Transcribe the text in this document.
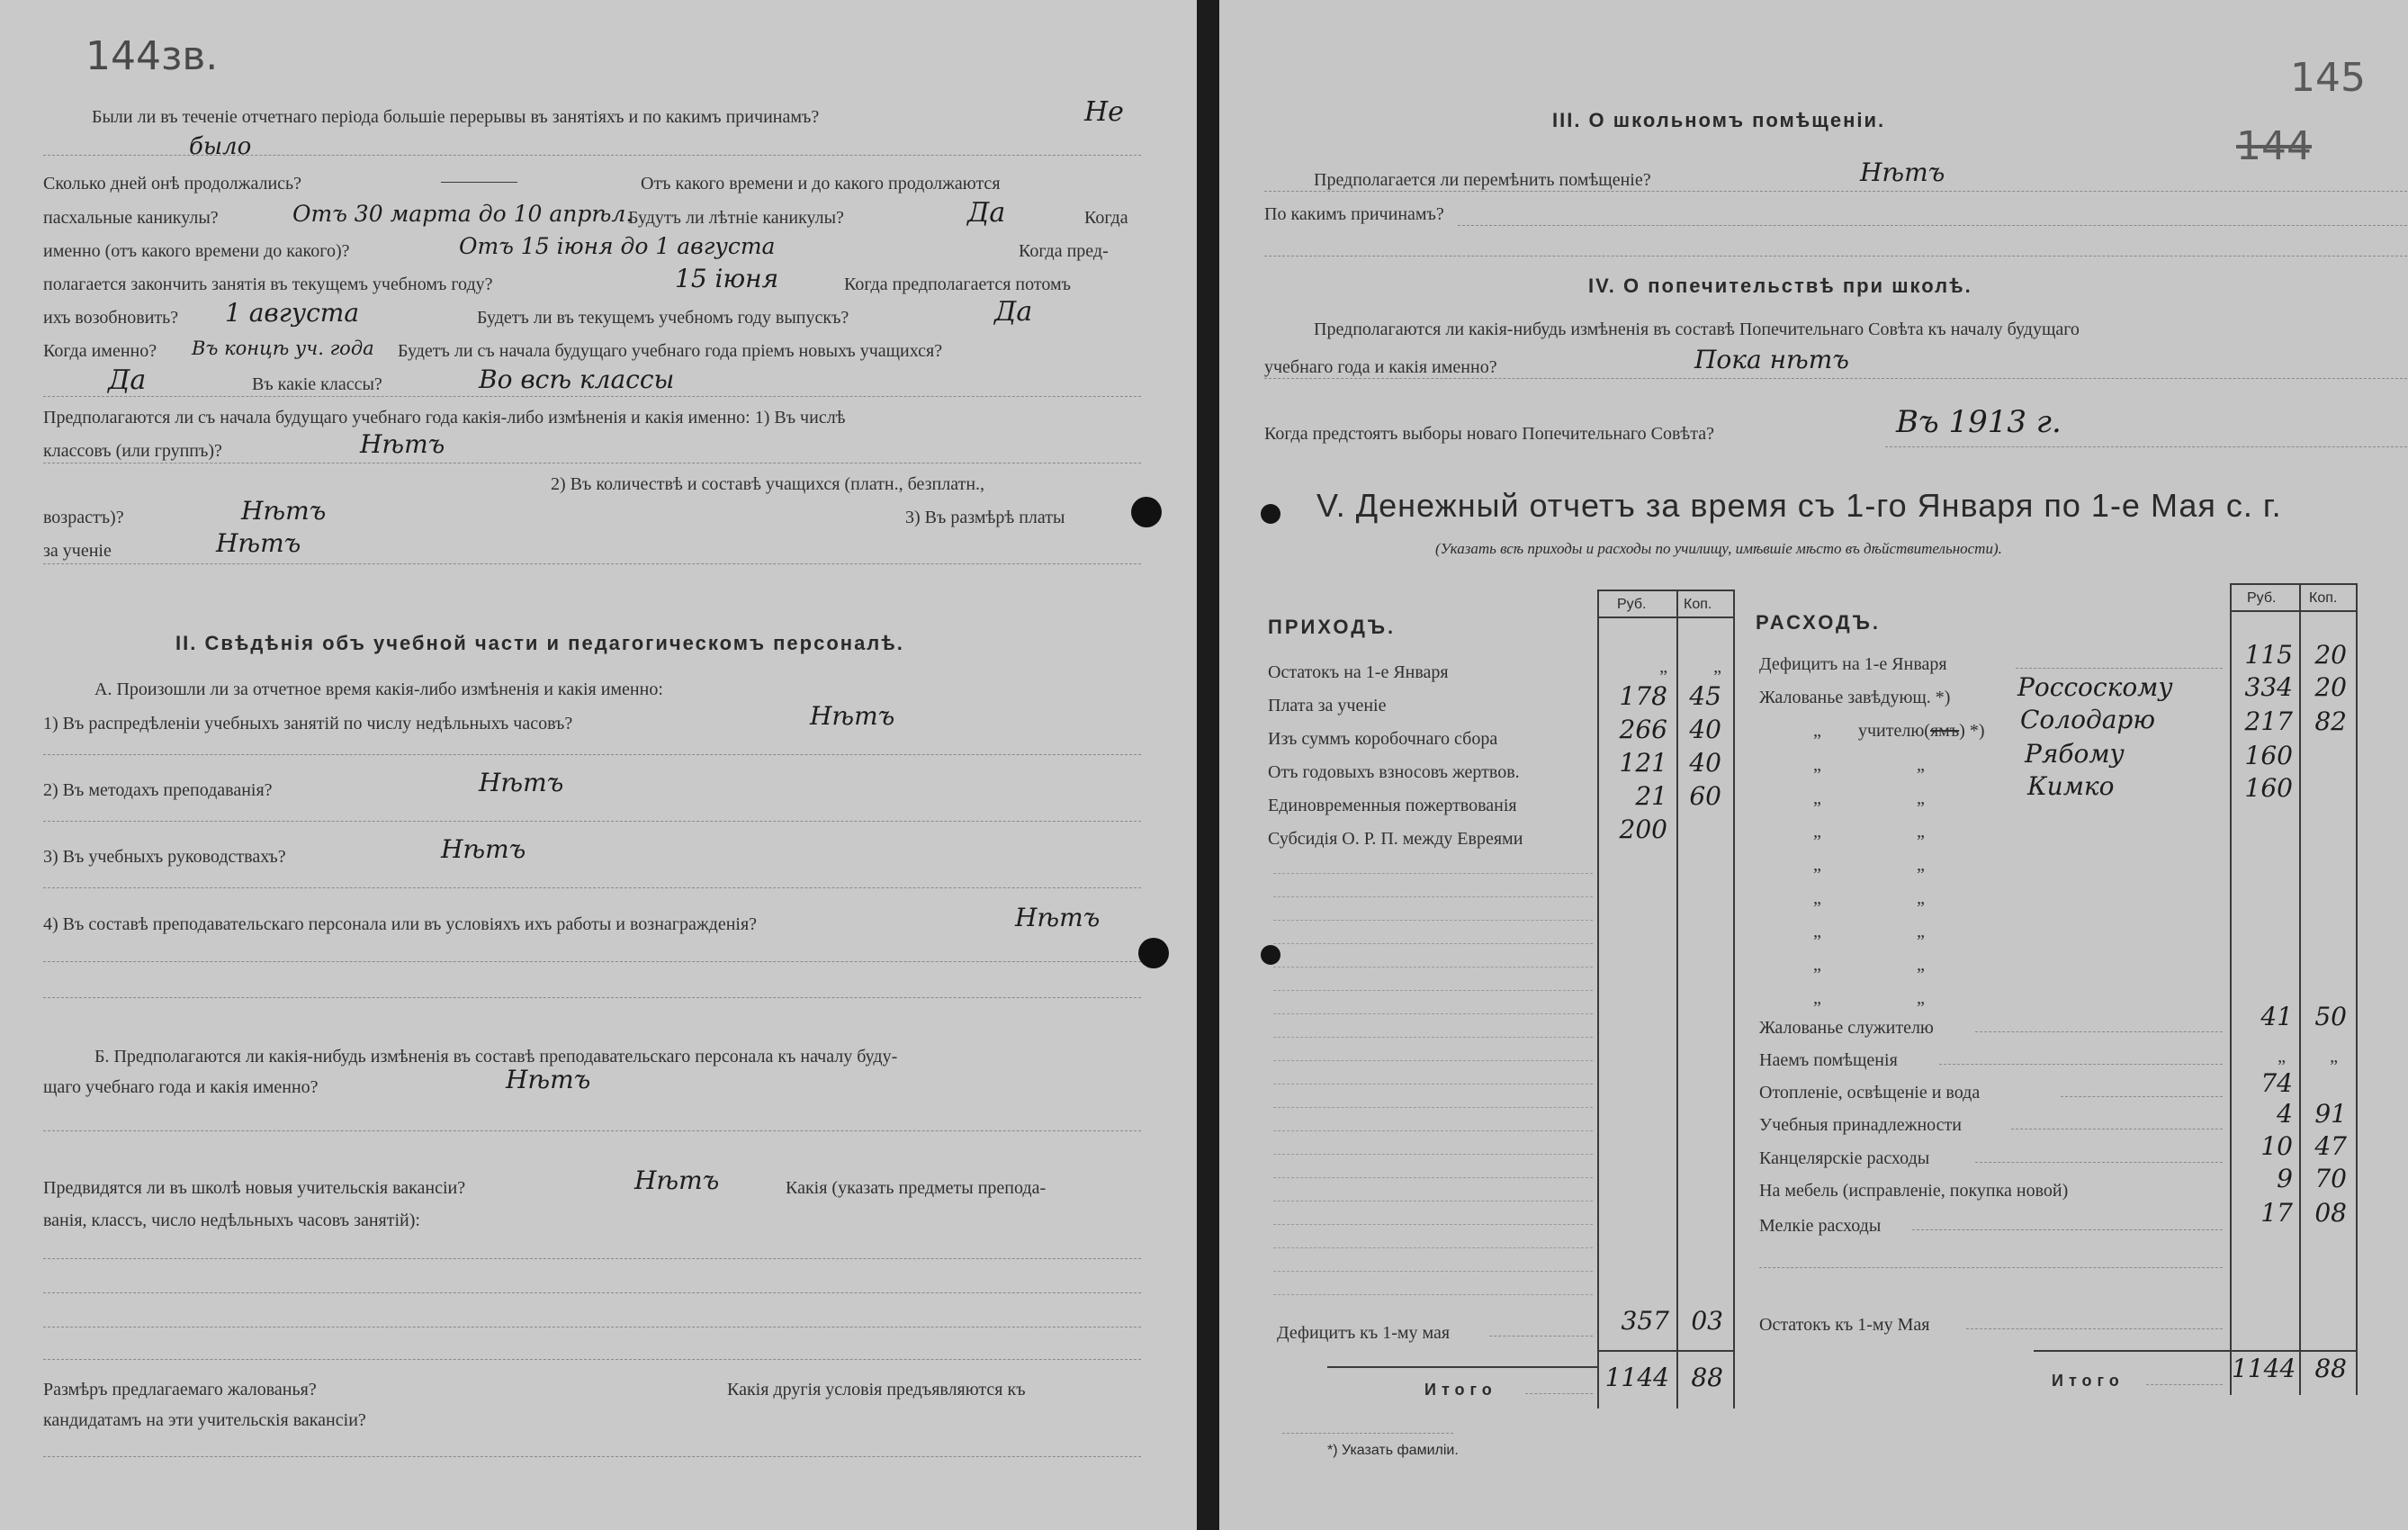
144зв.
Были ли въ теченіе отчетнаго періода большіе перерывы въ занятіяхъ и по какимъ причинамъ?	Не
было
Сколько дней онѣ продолжались?	Отъ какого времени и до какого продолжаются
пасхальные каникулы?	Отъ 30 марта до 10 апрѣл.
Будутъ ли лѣтніе каникулы?	Да	Когда
именно (отъ какого времени до какого)?	Отъ 15 іюня до 1 августа	Когда пред-
полагается закончить занятія въ текущемъ учебномъ году?	15 іюня	Когда предполагается потомъ
ихъ возобновить? 1 августа	Будетъ ли въ текущемъ учебномъ году выпускъ?	Да
Когда именно? Въ концѣ уч. года Будетъ ли съ начала будущаго учебнаго года пріемъ новыхъ учащихся?
Да	Въ какіе классы?	Во всѣ классы
Предполагаются ли съ начала будущаго учебнаго года какія-либо измѣненія и какія именно: 1) Въ числѣ
классовъ (или группъ)?	Нѣтъ
2) Въ количествѣ и составѣ учащихся (платн., безплатн.,
возрастъ)?	Нѣтъ	3) Въ размѣрѣ платы
за ученіе	Нѣтъ
II. Свѣдѣнія объ учебной части и педагогическомъ персоналѣ.
А. Произошли ли за отчетное время какія-либо измѣненія и какія именно:
1) Въ распредѣленіи учебныхъ занятій по числу недѣльныхъ часовъ?	Нѣтъ
2) Въ методахъ преподаванія?	Нѣтъ
3) Въ учебныхъ руководствахъ?	Нѣтъ
4) Въ составѣ преподавательскаго персонала или въ условіяхъ ихъ работы и вознагражденія?	Нѣтъ
Б. Предполагаются ли какія-нибудь измѣненія въ составѣ преподавательскаго персонала къ началу буду-
щаго учебнаго года и какія именно?	Нѣтъ
Предвидятся ли въ школѣ новыя учительскія вакансіи?	Нѣтъ	Какія (указать предметы препода-
ванія, классъ, число недѣльныхъ часовъ занятій):
Размѣръ предлагаемаго жалованья?	Какія другія условія предъявляются къ
кандидатамъ на эти учительскія вакансіи?
145
144
III. О школьномъ помѣщеніи.
Предполагается ли перемѣнить помѣщеніе?	Нѣтъ
По какимъ причинамъ?
IV. О попечительствѣ при школѣ.
Предполагаются ли какія-нибудь измѣненія въ составѣ Попечительнаго Совѣта къ началу будущаго
учебнаго года и какія именно?	Пока нѣтъ
Когда предстоятъ выборы новаго Попечительнаго Совѣта?	Въ 1913 г.
V. Денежный отчетъ за время съ 1-го Января по 1-е Мая с. г.
(Указать всѣ приходы и расходы по училищу, имѣвшіе мѣсто въ дѣйствительности).
Руб.	Коп.
ПРИХОДЪ.
Остатокъ на 1-е Января	„	„
Плата за ученіе	178 45
Изъ суммъ коробочнаго сбора	266 40
Отъ годовыхъ взносовъ жертвов.	121 40
Единовременныя пожертвованія	21 60
Субсидія О. Р. П. между Евреями	200
Дефицитъ къ 1-му мая	357 03
Итого	1144 88
Руб. Коп.
РАСХОДЪ.
Дефицитъ на 1-е Января	115 20
Жалованье завѣдующ. *)	Россоскому	334 20
„ учителю(ямъ) *) Солодарю	217 82
„	„	Рябому	160
„	„	Кимко	160
„	„
„	„
„	„
„	„
„	„
„	„
Жалованье служителю	41 50
Наемъ помѣщенія	„	„
Отопленіе, освѣщеніе и вода	74
Учебныя принадлежности	4 91
Канцелярскіе расходы	10 47
На мебель (исправленіе, покупка новой)	9 70
Мелкіе расходы	17 08
Остатокъ къ 1-му Мая
Итого	1144 88
*) Указать фамиліи.
